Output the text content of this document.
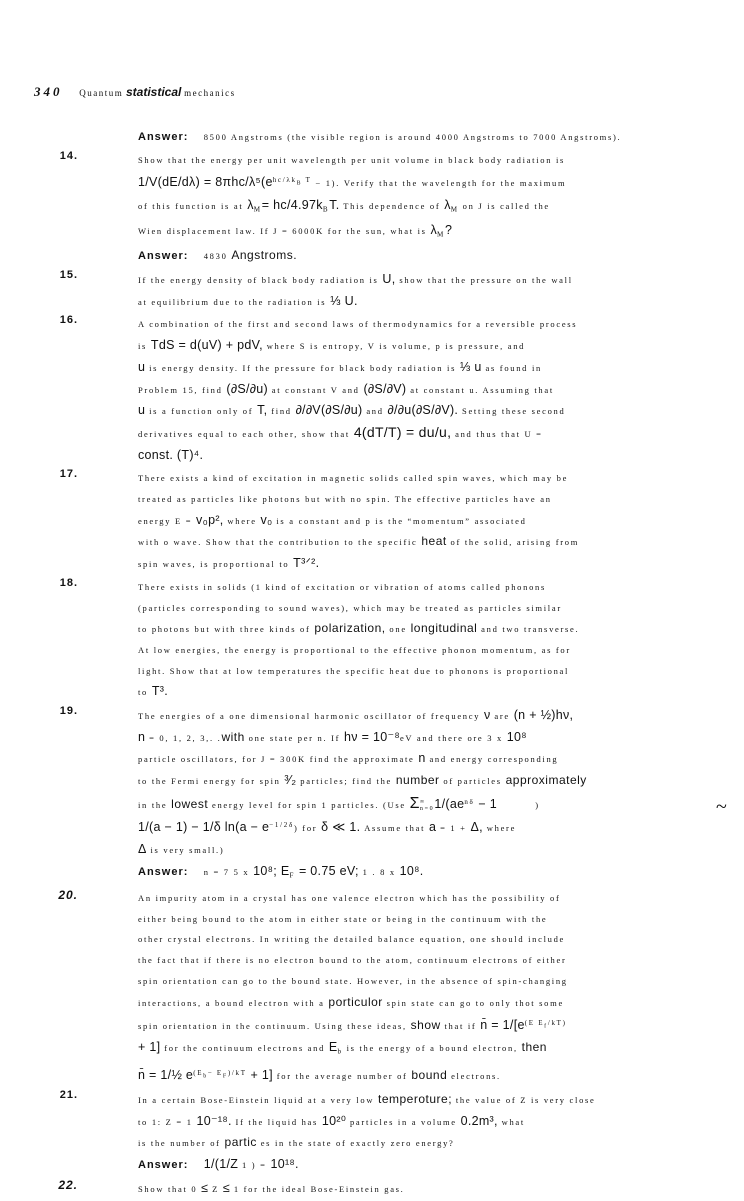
340 Quantum statistical mechanics

Answer: 8500 Angstroms (the visible region is around 4000 Angstroms to 7000 Angstroms).

14.	Show that the energy per unit wavelength per unit volume in black body radiation is

$1/V(dE/d\lambda) = 8\pi hc/\lambda^5(e^{hc/\lambda k_B T} - 1)$. Verify that the wavelength for the maximum

of this function is at $\lambda_M= hc/4.97k_BT$. This dependence of $\lambda_M$ on J is called the

Wien displacement law. If J = 6000K for the sun, what is $\lambda_M$?

Answer: 4830 Angstroms.

15.	If the energy density of black body radiation is U, show that the pressure on the wall

at equilibrium due to the radiation is ⅓ U.

16.	A combination of the first and second laws of thermodynamics for a reversible process

is TdS = d(uV) + pdV, where S is entropy, V is volume, p is pressure, and

u is energy density. If the pressure for black body radiation is ⅓ u as found in

Problem 15, find (∂S/∂u) at constant V and (∂S/∂V) at constant u. Assuming that

u is a function only of T, find ∂/∂V(∂S/∂u) and ∂/∂u(∂S/∂V). Setting these second

derivatives equal to each other, show that 4(dT/T) = du/u, and thus that U =

const. (T)⁴.

17.	There exists a kind of excitation in magnetic solids called spin waves, which may be

treated as particles like photons but with no spin. The effective particles have an

energy E = v₀p², where v₀ is a constant and p is the “momentum” associated

with o wave. Show that the contribution to the specific heat of the solid, arising from

spin waves, is proportional to T³ᐟ².

18.	There exists in solids (1 kind of excitation or vibration of atoms called phonons

(particles corresponding to sound waves), which may be treated as particles similar

to photons but with three kinds of polarization, one longitudinal and two transverse.

At low energies, the energy is proportional to the effective phonon momentum, as for

light. Show that at low temperatures the specific heat due to phonons is proportional

to T³.

19.	The energies of a one dimensional harmonic oscillator of frequency ν are (n + ½)hν,

n = 0, 1, 2, 3,. .with one state per n. If hν = 10⁻⁸eV and there ore 3 x 10⁸

particle oscillators, for J = 300K find the approximate n and energy corresponding

to the Fermi energy for spin ³⁄₂ particles; find the number of particles approximately

in the lowest energy level for spin 1 particles. (Use Σ∞
$n=01/(ae^{n\delta} - 1$	)

1/(a − 1) − 1/δ $\ln(a - e^{-1/2\delta})$ for δ ≪ 1. Assume that a = 1 + Δ, where

Δ is very small.)

Answer: n = 7 5 x 10⁸; $E_F = 0.75$ eV; 1 . 8 x 10⁸.

20.	An impurity atom in a crystal has one valence electron which has the possibility of

either being bound to the atom in either state or being in the continuum with the

other crystal electrons. In writing the detailed balance equation, one should include

the fact that if there is no electron bound to the atom, continuum electrons of either

spin orientation can go to the bound state. However, in the absence of spin-changing

interactions, a bound electron with a porticulor spin state can go to only thot some

spin orientation in the continuum. Using these ideas, show that if n̄ = $1/[e^{(E E_f/kT)}$

+ 1] for the continuum electrons and $E_b$ is the energy of a bound electron, then

n̄ = 1/½ $e^{(E_b- E_F)/kT} + 1$] for the average number of bound electrons.

21.	In a certain Bose-Einstein liquid at a very low temperoture; the value of Z is very close

to 1: Z = 1 10⁻¹⁸. If the liquid has 10²⁰ particles in a volume 0.2m³, what

is the number of partic es in the state of exactly zero energy?

Answer: 1/(1/Z 1 ) = 10¹⁸.

22.	Show that 0 ≤ Z ≤ 1 for the ideal Bose-Einstein gas.

~
